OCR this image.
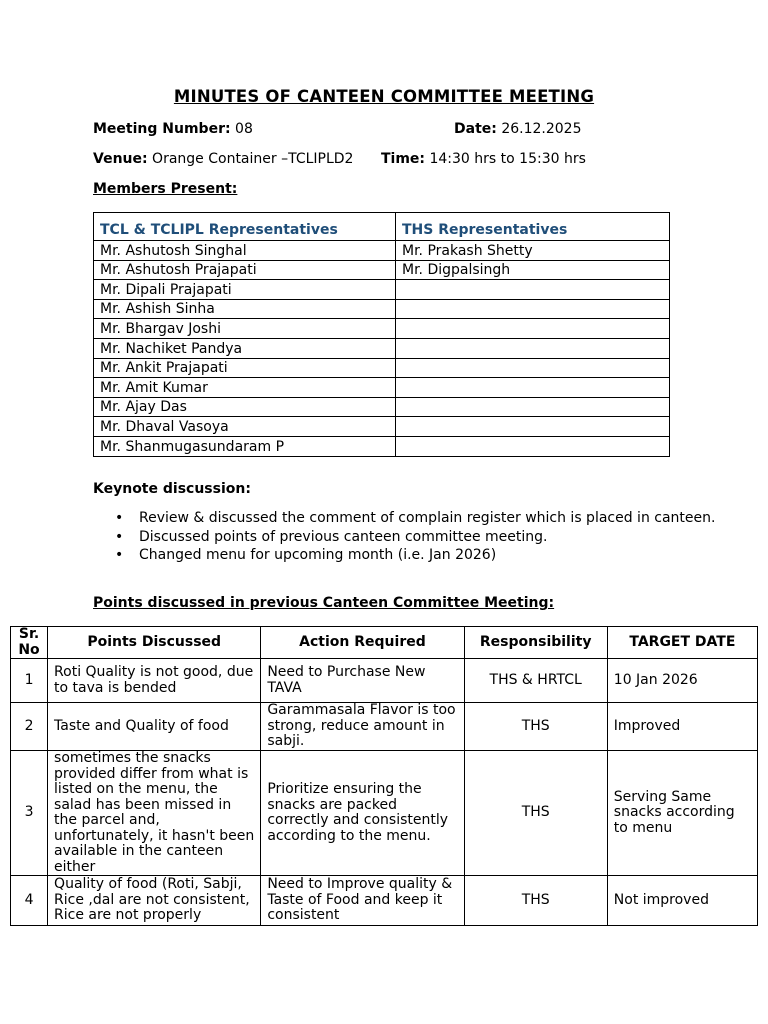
MINUTES OF CANTEEN COMMITTEE MEETING
Meeting Number: 08	Date: 26.12.2025
Venue: Orange Container –TCLIPLD2 Time: 14:30 hrs to 15:30 hrs
Members Present:
TCL & TCLIPL Representatives	THS Representatives
Mr. Ashutosh Singhal	Mr. Prakash Shetty
Mr. Ashutosh Prajapati	Mr. Digpalsingh
Mr. Dipali Prajapati	
Mr. Ashish Sinha	
Mr. Bhargav Joshi	
Mr. Nachiket Pandya	
Mr. Ankit Prajapati	
Mr. Amit Kumar	
Mr. Ajay Das	
Mr. Dhaval Vasoya	
Mr. Shanmugasundaram P	
Keynote discussion:
• Review & discussed the comment of complain register which is placed in canteen.
• Discussed points of previous canteen committee meeting.
• Changed menu for upcoming month (i.e. Jan 2026)
Points discussed in previous Canteen Committee Meeting:
Sr. No	Points Discussed	Action Required	Responsibility	TARGET DATE
1	Roti Quality is not good, due to tava is bended	Need to Purchase New TAVA	THS & HRTCL	10 Jan 2026
2	Taste and Quality of food	Garammasala Flavor is too strong, reduce amount in sabji.	THS	Improved
3	sometimes the snacks provided differ from what is listed on the menu, the salad has been missed in the parcel and, unfortunately, it hasn't been available in the canteen either	Prioritize ensuring the snacks are packed correctly and consistently according to the menu.	THS	Serving Same snacks according to menu
4	Quality of food (Roti, Sabji, Rice ,dal are not consistent, Rice are not properly	Need to Improve quality & Taste of Food and keep it consistent	THS	Not improved
